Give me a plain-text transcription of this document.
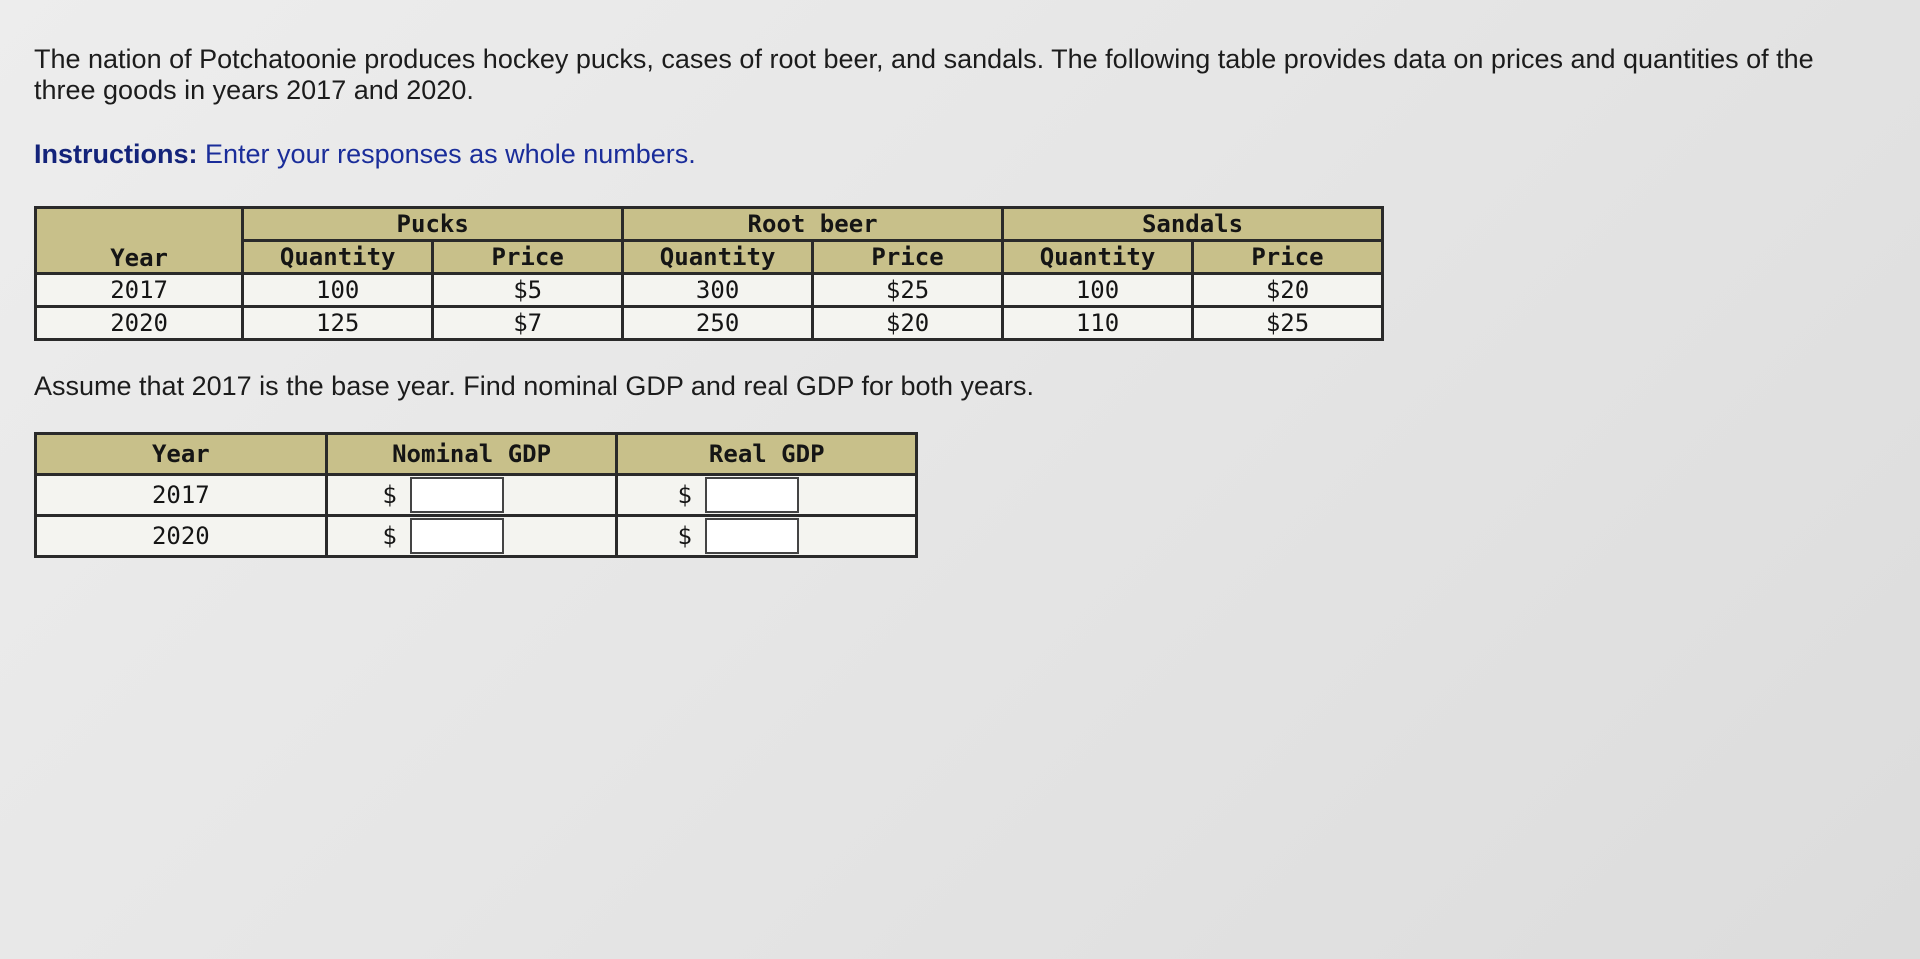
The nation of Potchatoonie produces hockey pucks, cases of root beer, and sandals. The following table provides data on prices and quantities of the three goods in years 2017 and 2020.

Instructions: Enter your responses as whole numbers.
Year	Pucks		Root beer		Sandals	
	Quantity	Price	Quantity	Price	Quantity	Price
2017	100	$5	300	$25	100	$20
2020	125	$7	250	$20	110	$25
Assume that 2017 is the base year. Find nominal GDP and real GDP for both years.
Year	Nominal GDP	Real GDP
2017	$	$

2020	$	$
